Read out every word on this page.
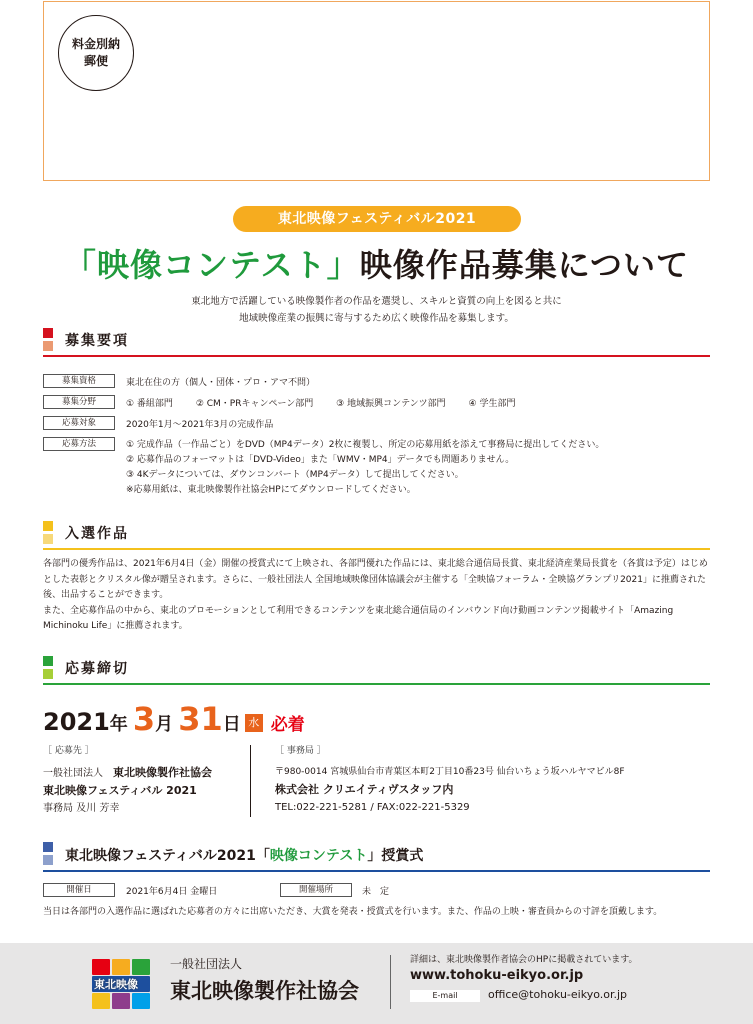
料金別納
郵便
東北映像フェスティバル2021
「映像コンテスト」映像作品募集について
東北地方で活躍している映像製作者の作品を選奨し、スキルと資質の向上を図ると共に
地域映像産業の振興に寄与するため広く映像作品を募集します。
募集要項
募集資格	東北在住の方（個人・団体・プロ・アマ不問）
募集分野	① 番組部門	② CM・PRキャンペーン部門	③ 地域振興コンテンツ部門	④ 学生部門
応募対象	2020年1月～2021年3月の完成作品
応募方法	① 完成作品（一作品ごと）をDVD（MP4データ）2枚に複製し、所定の応募用紙を添えて事務局に提出してください。
② 応募作品のフォーマットは「DVD-Video」また「WMV・MP4」データでも問題ありません。
③ 4Kデータについては、ダウンコンバート（MP4データ）して提出してください。
※応募用紙は、東北映像製作社協会HPにてダウンロードしてください。
入選作品
各部門の優秀作品は、2021年6月4日（金）開催の授賞式にて上映され、各部門優れた作品には、東北総合通信局長賞、東北経済産業局長賞を（各賞は予定）はじめとした表彰とクリスタル像が贈呈されます。さらに、一般社団法人 全国地域映像団体協議会が主催する「全映協フォーラム・全映協グランプリ2021」に推薦された後、出品することができます。
また、全応募作品の中から、東北のプロモーションとして利用できるコンテンツを東北総合通信局のインバウンド向け動画コンテンツ掲載サイト「Amazing Michinoku Life」に推薦されます。
応募締切
2021年 3月 31日 水 必着
［ 応募先 ］
一般社団法人　 東北映像製作社協会
東北映像フェスティバル 2021
事務局 及川 芳幸
［ 事務局 ］
〒980-0014 宮城県仙台市青葉区本町2丁目10番23号 仙台いちょう坂ハルヤマビル8F
株式会社 クリエイティヴスタッフ内
TEL:022-221-5281 / FAX:022-221-5329
東北映像フェスティバル2021「映像コンテスト」授賞式
開催日	2021年6月4日 金曜日	開催場所	未　定
当日は各部門の入選作品に選ばれた応募者の方々に出席いただき、大賞を発表・授賞式を行います。また、作品の上映・審査員からの寸評を頂戴します。
東北映像
一般社団法人
東北映像製作社協会
詳細は、東北映像製作者協会のHPに掲載されています。
www.tohoku-eikyo.or.jp
E-mail	office@tohoku-eikyo.or.jp
